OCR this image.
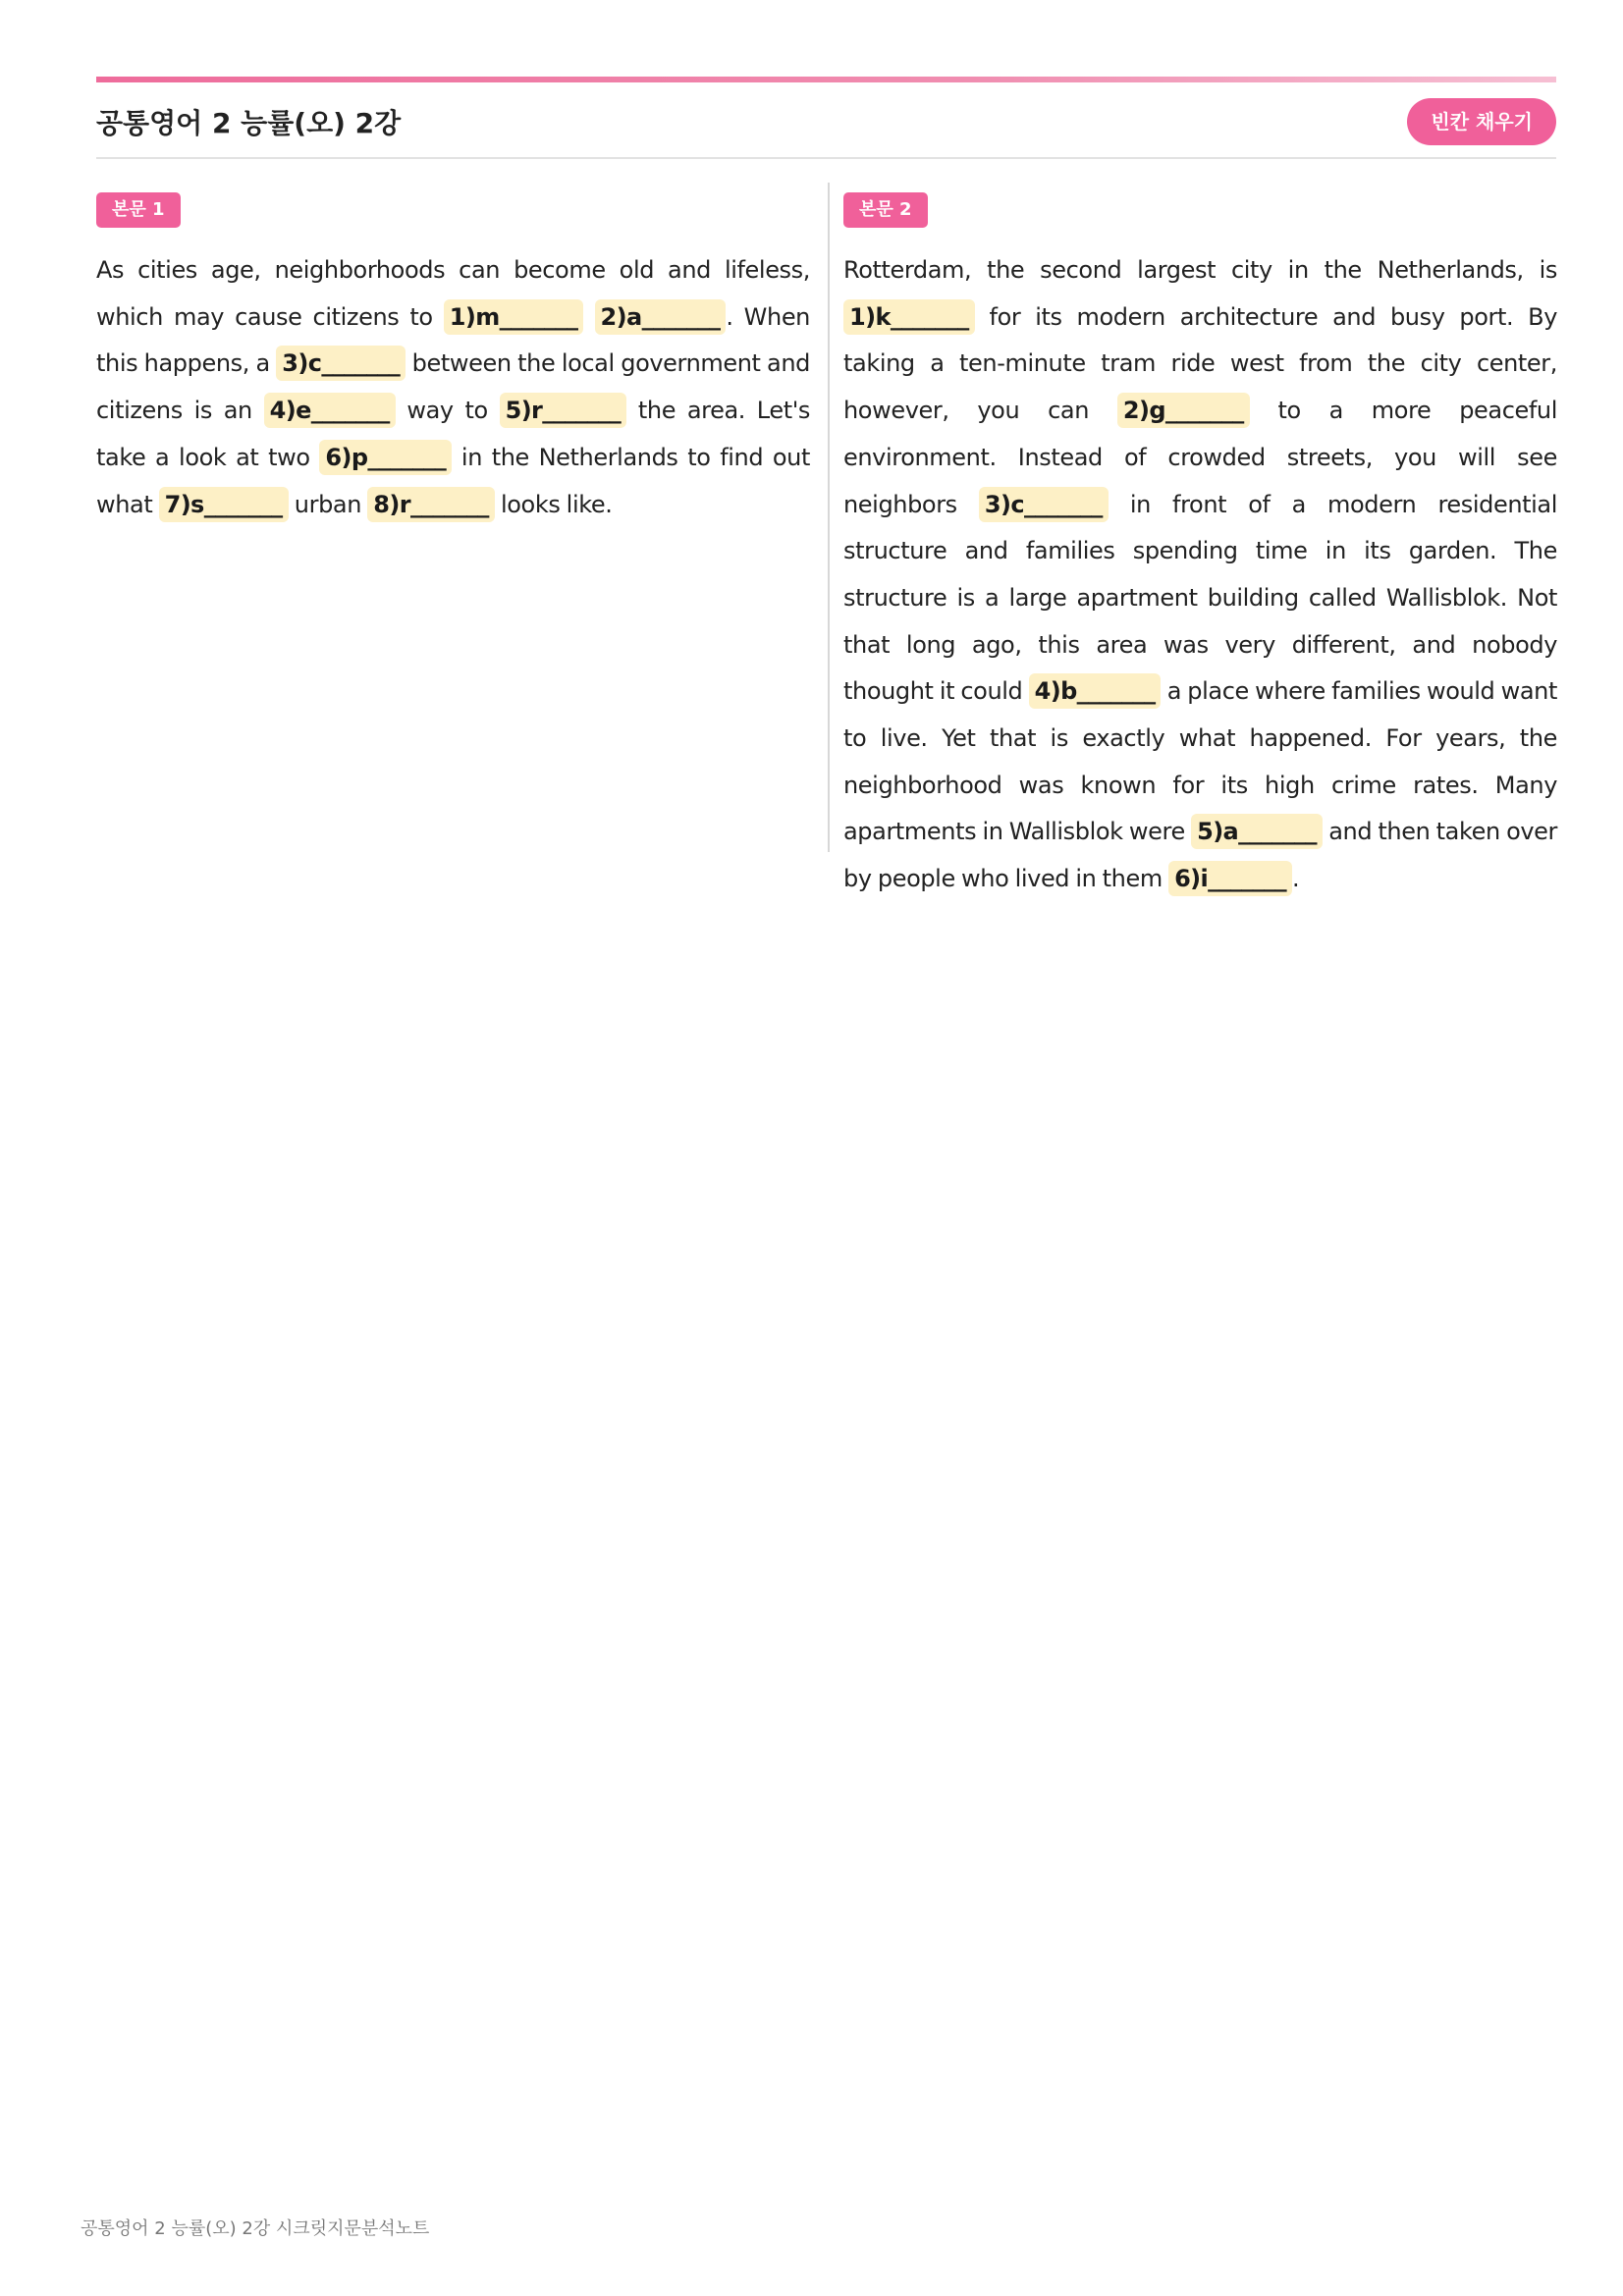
공통영어 2 능률(오) 2강	빈칸 채우기
본문 1
As cities age, neighborhoods can become old and lifeless, which may cause citizens to 1)m_______ 2)a_______ . When this happens, a 3)c_______ between the local government and citizens is an 4)e_______ way to 5)r_______ the area. Let's take a look at two 6)p_______ in the Netherlands to find out what 7)s_______ urban 8)r_______ looks like.
본문 2
Rotterdam, the second largest city in the Netherlands, is 1)k_______ for its modern architecture and busy port. By taking a ten-minute tram ride west from the city center, however, you can 2)g_______ to a more peaceful environment. Instead of crowded streets, you will see neighbors 3)c_______ in front of a modern residential structure and families spending time in its garden. The structure is a large apartment building called Wallisblok. Not that long ago, this area was very different, and nobody thought it could 4)b_______ a place where families would want to live. Yet that is exactly what happened. For years, the neighborhood was known for its high crime rates. Many apartments in Wallisblok were 5)a_______ and then taken over by people who lived in them 6)i_______ .
공통영어 2 능률(오) 2강 시크릿지문분석노트
